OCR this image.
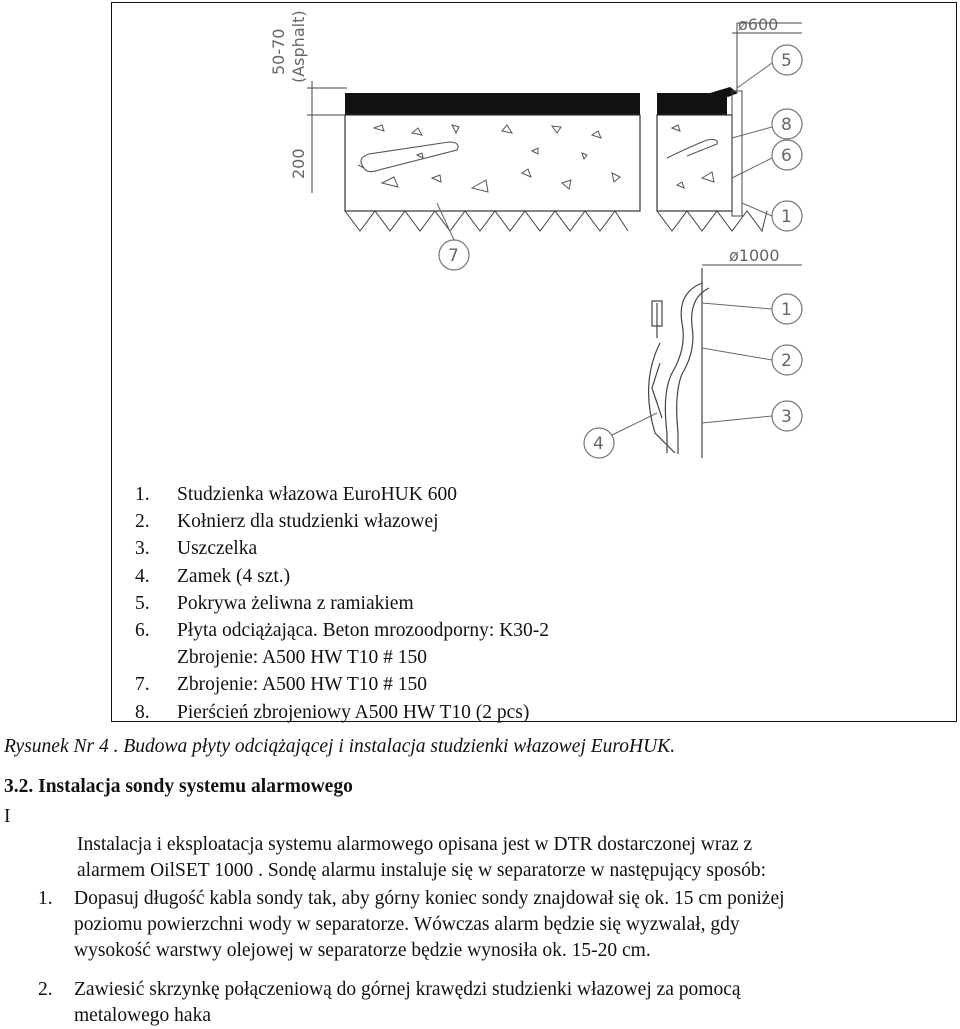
50-70 (Asphalt)
200
ø600
ø1000
5
8
6
1
7
1
2
3
4
1.	Studzienka włazowa EuroHUK 600
2.	Kołnierz dla studzienki włazowej
3.	Uszczelka
4.	Zamek (4 szt.)
5.	Pokrywa żeliwna z ramiakiem
6.	Płyta odciążająca. Beton mrozoodporny: K30-2
Zbrojenie: A500 HW T10 # 150
7.	Zbrojenie: A500 HW T10 # 150
8.	Pierścień zbrojeniowy A500 HW T10 (2 pcs)
Rysunek Nr 4 . Budowa płyty odciążającej i instalacja studzienki włazowej EuroHUK.
3.2. Instalacja sondy systemu alarmowego
I
Instalacja i eksploatacja systemu alarmowego opisana jest w DTR dostarczonej wraz z
alarmem OilSET 1000 . Sondę alarmu instaluje się w separatorze w następujący sposób:
1. Dopasuj długość kabla sondy tak, aby górny koniec sondy znajdował się ok. 15 cm poniżej
poziomu powierzchni wody w separatorze. Wówczas alarm będzie się wyzwalał, gdy
wysokość warstwy olejowej w separatorze będzie wynosiła ok. 15-20 cm.
2. Zawiesić skrzynkę połączeniową do górnej krawędzi studzienki włazowej za pomocą
metalowego haka
